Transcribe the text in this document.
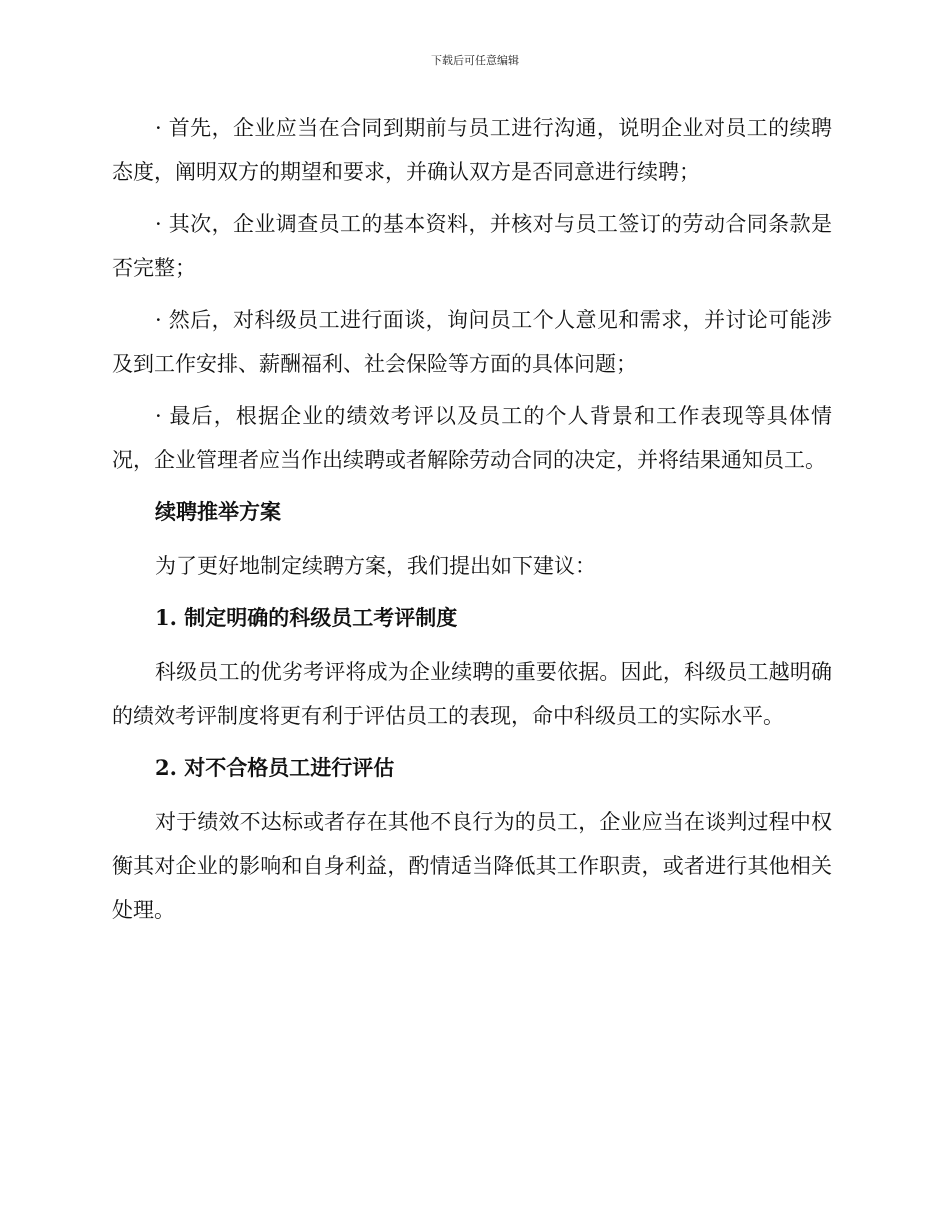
下载后可任意编辑

· 首先，企业应当在合同到期前与员工进行沟通，说明企业对员工的续聘态度，阐明双方的期望和要求，并确认双方是否同意进行续聘；

· 其次，企业调查员工的基本资料，并核对与员工签订的劳动合同条款是否完整；

· 然后，对科级员工进行面谈，询问员工个人意见和需求，并讨论可能涉及到工作安排、薪酬福利、社会保险等方面的具体问题；

· 最后，根据企业的绩效考评以及员工的个人背景和工作表现等具体情况，企业管理者应当作出续聘或者解除劳动合同的决定，并将结果通知员工。

续聘推举方案

为了更好地制定续聘方案，我们提出如下建议：

1. 制定明确的科级员工考评制度

科级员工的优劣考评将成为企业续聘的重要依据。因此，科级员工越明确的绩效考评制度将更有利于评估员工的表现，命中科级员工的实际水平。

2. 对不合格员工进行评估

对于绩效不达标或者存在其他不良行为的员工，企业应当在谈判过程中权衡其对企业的影响和自身利益，酌情适当降低其工作职责，或者进行其他相关处理。
